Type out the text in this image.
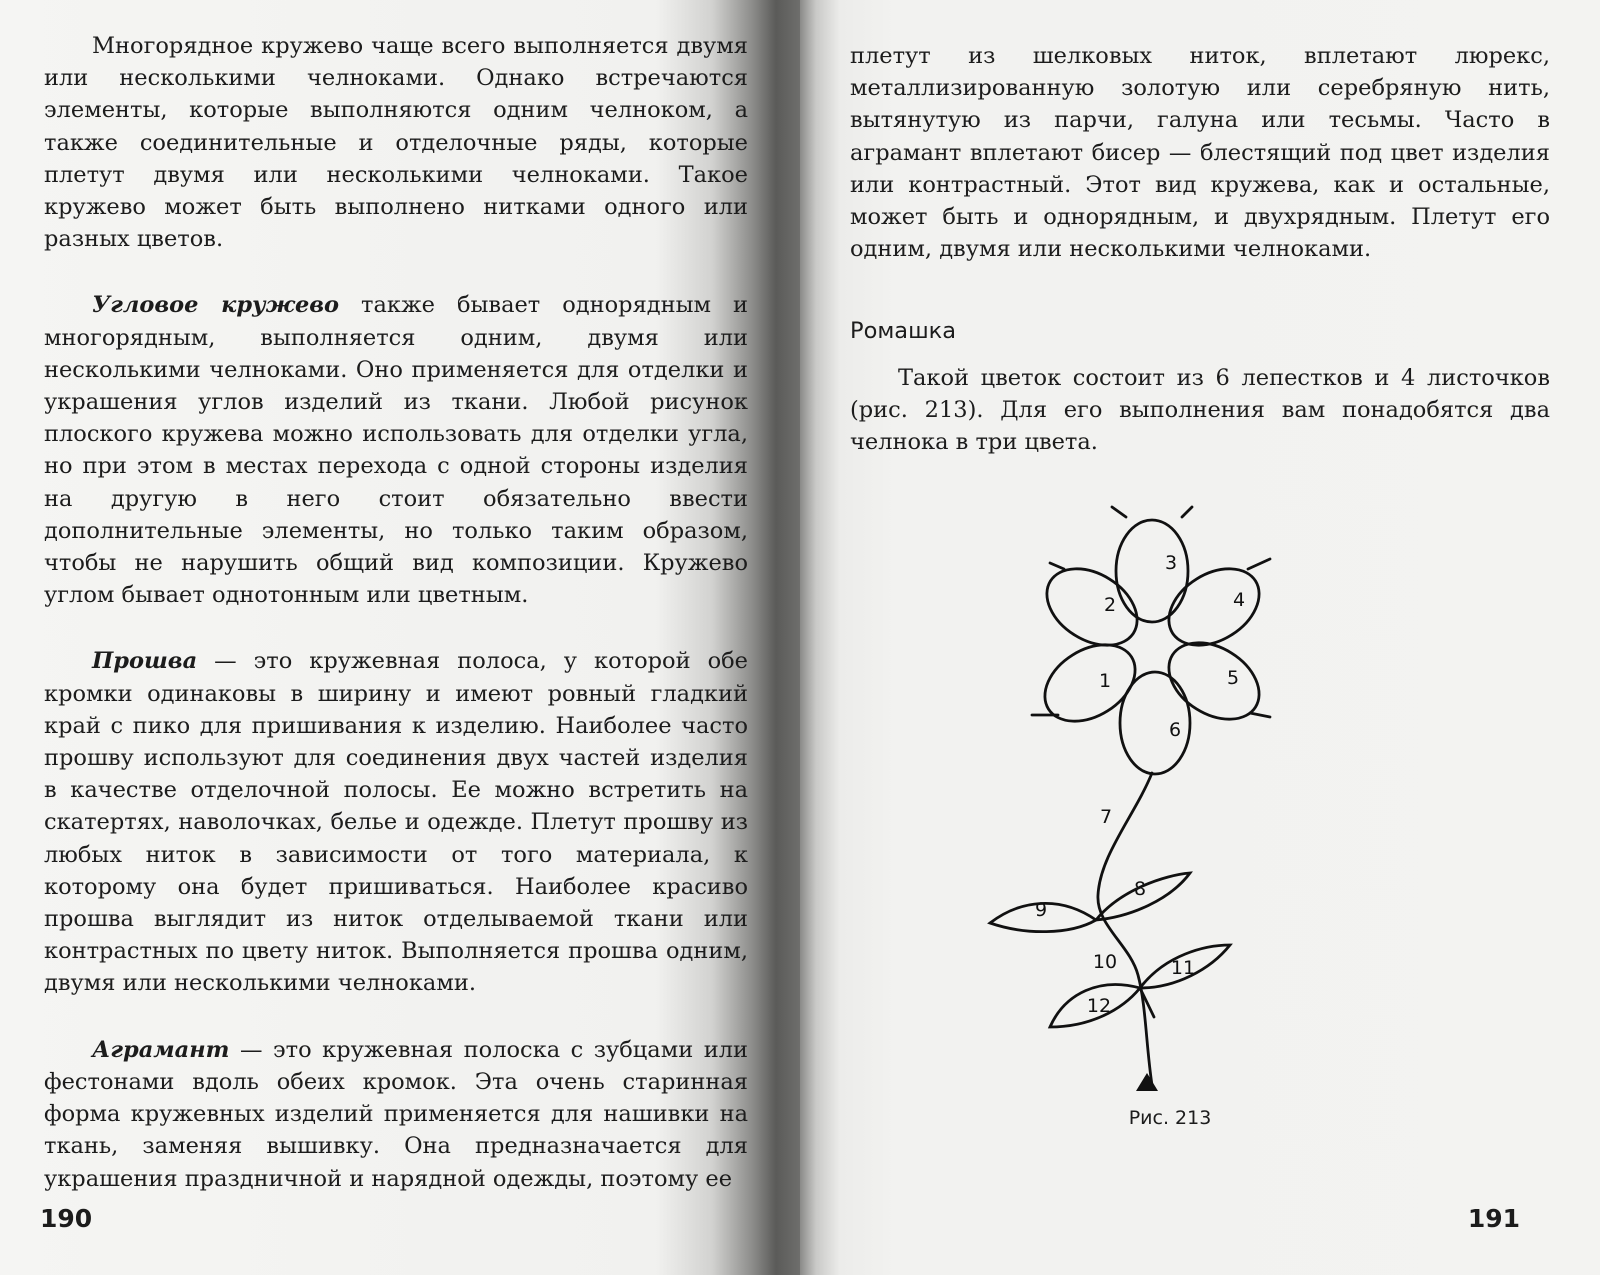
Многорядное кружево чаще всего выполняется двумя или несколькими челноками. Однако встречаются элементы, которые выполняются одним челноком, а также соединительные и отделочные ряды, которые плетут двумя или несколькими челноками. Такое кружево может быть выполнено нитками одного или разных цветов.

Угловое кружево также бывает однорядным и многорядным, выполняется одним, двумя или несколькими челноками. Оно применяется для отделки и украшения углов изделий из ткани. Любой рисунок плоского кружева можно использовать для отделки угла, но при этом в местах перехода с одной стороны изделия на другую в него стоит обязательно ввести дополнительные элементы, но только таким образом, чтобы не нарушить общий вид композиции. Кружево углом бывает однотонным или цветным.

Прошва — это кружевная полоса, у которой обе кромки одинаковы в ширину и имеют ровный гладкий край с пико для пришивания к изделию. Наиболее часто прошву используют для соединения двух частей изделия в качестве отделочной полосы. Ее можно встретить на скатертях, наволочках, белье и одежде. Плетут прошву из любых ниток в зависимости от того материала, к которому она будет пришиваться. Наиболее красиво прошва выглядит из ниток отделываемой ткани или контрастных по цвету ниток. Выполняется прошва одним, двумя или несколькими челноками.

Аграмант — это кружевная полоска с зубцами или фестонами вдоль обеих кромок. Эта очень старинная форма кружевных изделий применяется для нашивки на ткань, заменяя вышивку. Она предназначается для украшения праздничной и нарядной одежды, поэтому ее

190

плетут из шелковых ниток, вплетают люрекс, металлизированную золотую или серебряную нить, вытянутую из парчи, галуна или тесьмы. Часто в аграмант вплетают бисер — блестящий под цвет изделия или контрастный. Этот вид кружева, как и остальные, может быть и однорядным, и двухрядным. Плетут его одним, двумя или несколькими челноками.

Ромашка

Такой цветок состоит из 6 лепестков и 4 листочков (рис. 213). Для его выполнения вам понадобятся два челнока в три цвета.

1
2
3
4
5
6
7
8
9
10	11
12
Рис. 213
191
